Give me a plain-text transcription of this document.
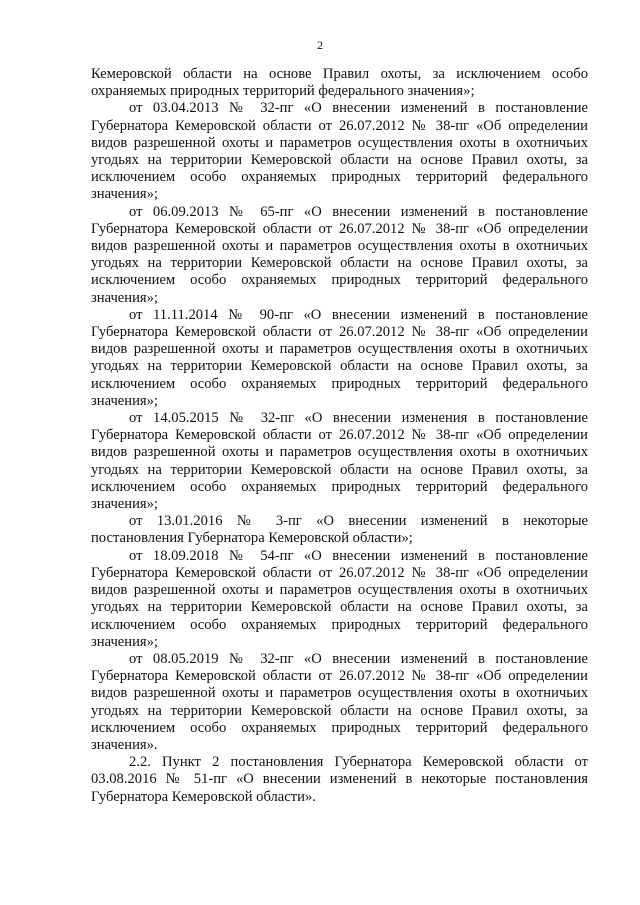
2

Кемеровской области на основе Правил охоты, за исключением особо охраняемых природных территорий федерального значения»;

от 03.04.2013 № 32-пг «О внесении изменений в постановление Губернатора Кемеровской области от 26.07.2012 № 38-пг «Об определении видов разрешенной охоты и параметров осуществления охоты в охотничьих угодьях на территории Кемеровской области на основе Правил охоты, за исключением особо охраняемых природных территорий федерального значения»;

от 06.09.2013 № 65-пг «О внесении изменений в постановление Губернатора Кемеровской области от 26.07.2012 № 38-пг «Об определении видов разрешенной охоты и параметров осуществления охоты в охотничьих угодьях на территории Кемеровской области на основе Правил охоты, за исключением особо охраняемых природных территорий федерального значения»;

от 11.11.2014 № 90-пг «О внесении изменений в постановление Губернатора Кемеровской области от 26.07.2012 № 38-пг «Об определении видов разрешенной охоты и параметров осуществления охоты в охотничьих угодьях на территории Кемеровской области на основе Правил охоты, за исключением особо охраняемых природных территорий федерального значения»;

от 14.05.2015 № 32-пг «О внесении изменения в постановление Губернатора Кемеровской области от 26.07.2012 № 38-пг «Об определении видов разрешенной охоты и параметров осуществления охоты в охотничьих угодьях на территории Кемеровской области на основе Правил охоты, за исключением особо охраняемых природных территорий федерального значения»;

от 13.01.2016 № 3-пг «О внесении изменений в некоторые постановления Губернатора Кемеровской области»;

от 18.09.2018 № 54-пг «О внесении изменений в постановление Губернатора Кемеровской области от 26.07.2012 № 38-пг «Об определении видов разрешенной охоты и параметров осуществления охоты в охотничьих угодьях на территории Кемеровской области на основе Правил охоты, за исключением особо охраняемых природных территорий федерального значения»;

от 08.05.2019 № 32-пг «О внесении изменений в постановление Губернатора Кемеровской области от 26.07.2012 № 38-пг «Об определении видов разрешенной охоты и параметров осуществления охоты в охотничьих угодьях на территории Кемеровской области на основе Правил охоты, за исключением особо охраняемых природных территорий федерального значения».

2.2. Пункт 2 постановления Губернатора Кемеровской области от 03.08.2016 № 51-пг «О внесении изменений в некоторые постановления Губернатора Кемеровской области».
